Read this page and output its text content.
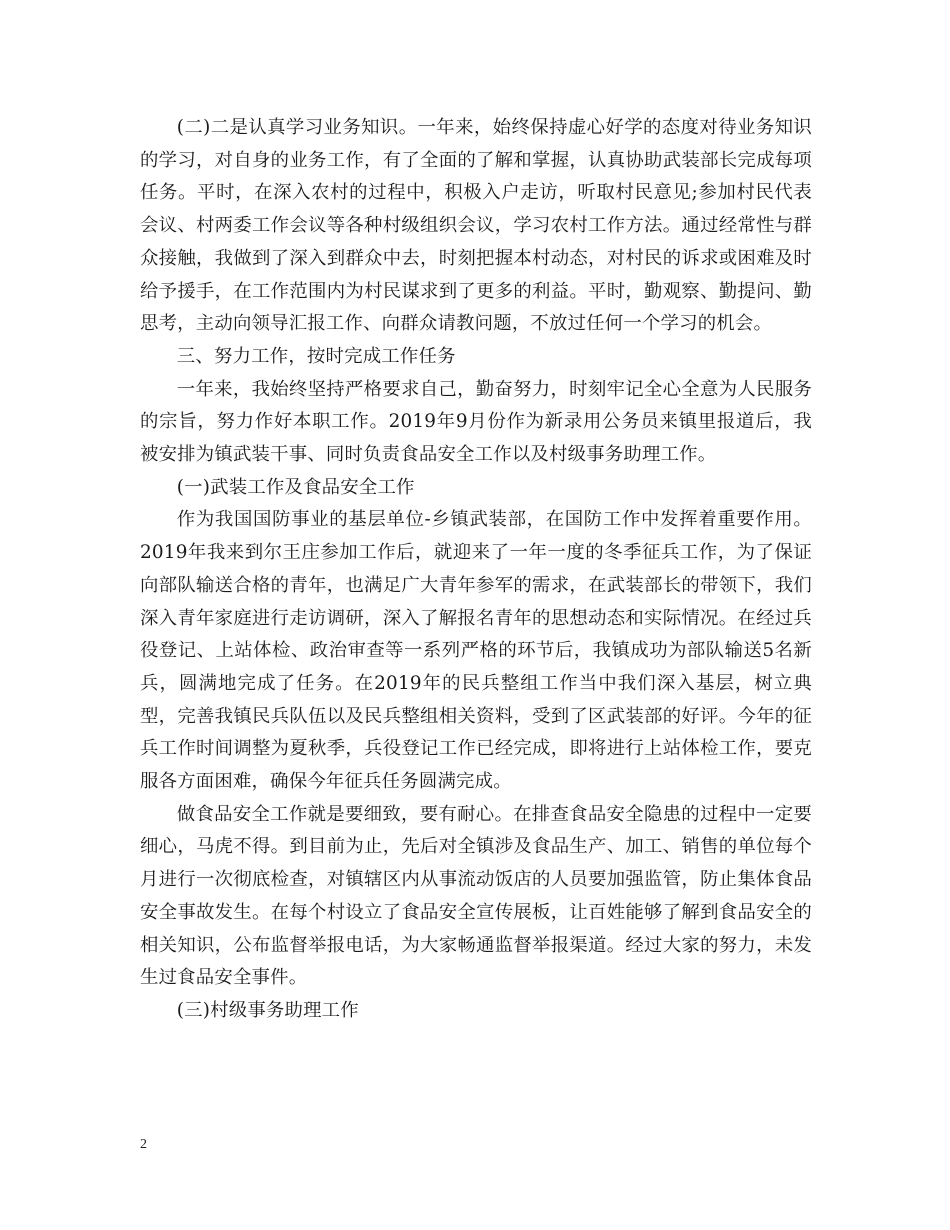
(二)二是认真学习业务知识。一年来，始终保持虚心好学的态度对待业务知识的学习，对自身的业务工作，有了全面的了解和掌握，认真协助武装部长完成每项任务。平时，在深入农村的过程中，积极入户走访，听取村民意见;参加村民代表会议、村两委工作会议等各种村级组织会议，学习农村工作方法。通过经常性与群众接触，我做到了深入到群众中去，时刻把握本村动态，对村民的诉求或困难及时给予援手，在工作范围内为村民谋求到了更多的利益。平时，勤观察、勤提问、勤思考，主动向领导汇报工作、向群众请教问题，不放过任何一个学习的机会。

三、努力工作，按时完成工作任务

一年来，我始终坚持严格要求自己，勤奋努力，时刻牢记全心全意为人民服务的宗旨，努力作好本职工作。2019年9月份作为新录用公务员来镇里报道后，我被安排为镇武装干事、同时负责食品安全工作以及村级事务助理工作。

(一)武装工作及食品安全工作

作为我国国防事业的基层单位-乡镇武装部，在国防工作中发挥着重要作用。2019年我来到尔王庄参加工作后，就迎来了一年一度的冬季征兵工作，为了保证向部队输送合格的青年，也满足广大青年参军的需求，在武装部长的带领下，我们深入青年家庭进行走访调研，深入了解报名青年的思想动态和实际情况。在经过兵役登记、上站体检、政治审查等一系列严格的环节后，我镇成功为部队输送5名新兵，圆满地完成了任务。在2019年的民兵整组工作当中我们深入基层，树立典型，完善我镇民兵队伍以及民兵整组相关资料，受到了区武装部的好评。今年的征兵工作时间调整为夏秋季，兵役登记工作已经完成，即将进行上站体检工作，要克服各方面困难，确保今年征兵任务圆满完成。

做食品安全工作就是要细致，要有耐心。在排查食品安全隐患的过程中一定要细心，马虎不得。到目前为止，先后对全镇涉及食品生产、加工、销售的单位每个月进行一次彻底检查，对镇辖区内从事流动饭店的人员要加强监管，防止集体食品安全事故发生。在每个村设立了食品安全宣传展板，让百姓能够了解到食品安全的相关知识，公布监督举报电话，为大家畅通监督举报渠道。经过大家的努力，未发生过食品安全事件。

(三)村级事务助理工作

2
